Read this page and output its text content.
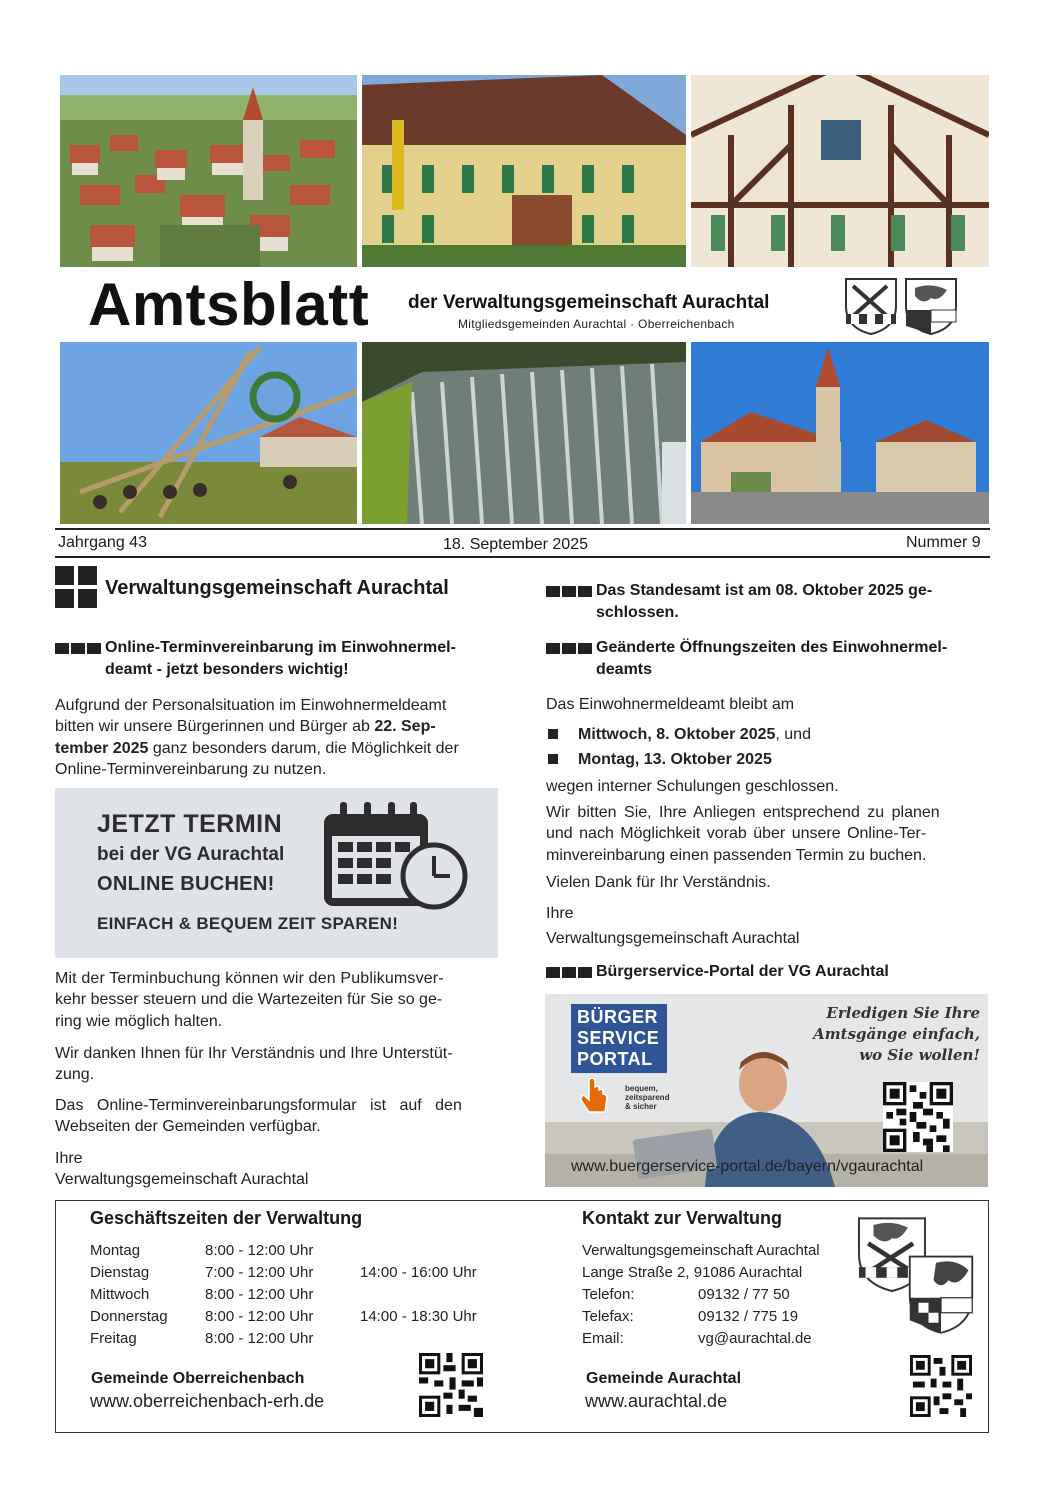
Amtsblatt der Verwaltungsgemeinschaft Aurachtal
Mitgliedsgemeinden Aurachtal · Oberreichenbach
Jahrgang 43	18. September 2025	Nummer 9
Verwaltungsgemeinschaft Aurachtal
Online-Terminvereinbarung im Einwohnermel-
deamt - jetzt besonders wichtig!
Aufgrund der Personalsituation im Einwohnermeldeamt
bitten wir unsere Bürgerinnen und Bürger ab 22. Sep-
tember 2025 ganz besonders darum, die Möglichkeit der
Online-Terminvereinbarung zu nutzen.
JETZT TERMIN
bei der VG Aurachtal
ONLINE BUCHEN!
EINFACH & BEQUEM ZEIT SPAREN!
Mit der Terminbuchung können wir den Publikumsver-
kehr besser steuern und die Wartezeiten für Sie so ge-
ring wie möglich halten.
Wir danken Ihnen für Ihr Verständnis und Ihre Unterstüt-
zung.
Das Online-Terminvereinbarungsformular ist auf den
Webseiten der Gemeinden verfügbar.
Ihre
Verwaltungsgemeinschaft Aurachtal
Das Standesamt ist am 08. Oktober 2025 ge-
schlossen.
Geänderte Öffnungszeiten des Einwohnermel-
deamts
Das Einwohnermeldeamt bleibt am
Mittwoch, 8. Oktober 2025, und
Montag, 13. Oktober 2025
wegen interner Schulungen geschlossen.
Wir bitten Sie, Ihre Anliegen entsprechend zu planen
und nach Möglichkeit vorab über unsere Online-Ter-
minvereinbarung einen passenden Termin zu buchen.
Vielen Dank für Ihr Verständnis.
Ihre
Verwaltungsgemeinschaft Aurachtal
Bürgerservice-Portal der VG Aurachtal
BÜRGER
SERVICE
PORTAL
bequem,
zeitsparend
& sicher
Erledigen Sie Ihre
Amtsgänge einfach,
wo Sie wollen!
www.buergerservice-portal.de/bayern/vgaurachtal
Geschäftszeiten der Verwaltung
Montag	8:00 - 12:00 Uhr
Dienstag	7:00 - 12:00 Uhr	14:00 - 16:00 Uhr
Mittwoch	8:00 - 12:00 Uhr
Donnerstag 8:00 - 12:00 Uhr	14:00 - 18:30 Uhr
Freitag	8:00 - 12:00 Uhr
Kontakt zur Verwaltung
Verwaltungsgemeinschaft Aurachtal
Lange Straße 2, 91086 Aurachtal
Telefon:	09132 / 77 50
Telefax:	09132 / 775 19
Email:	vg@aurachtal.de
Gemeinde Oberreichenbach
www.oberreichenbach-erh.de
Gemeinde Aurachtal
www.aurachtal.de
